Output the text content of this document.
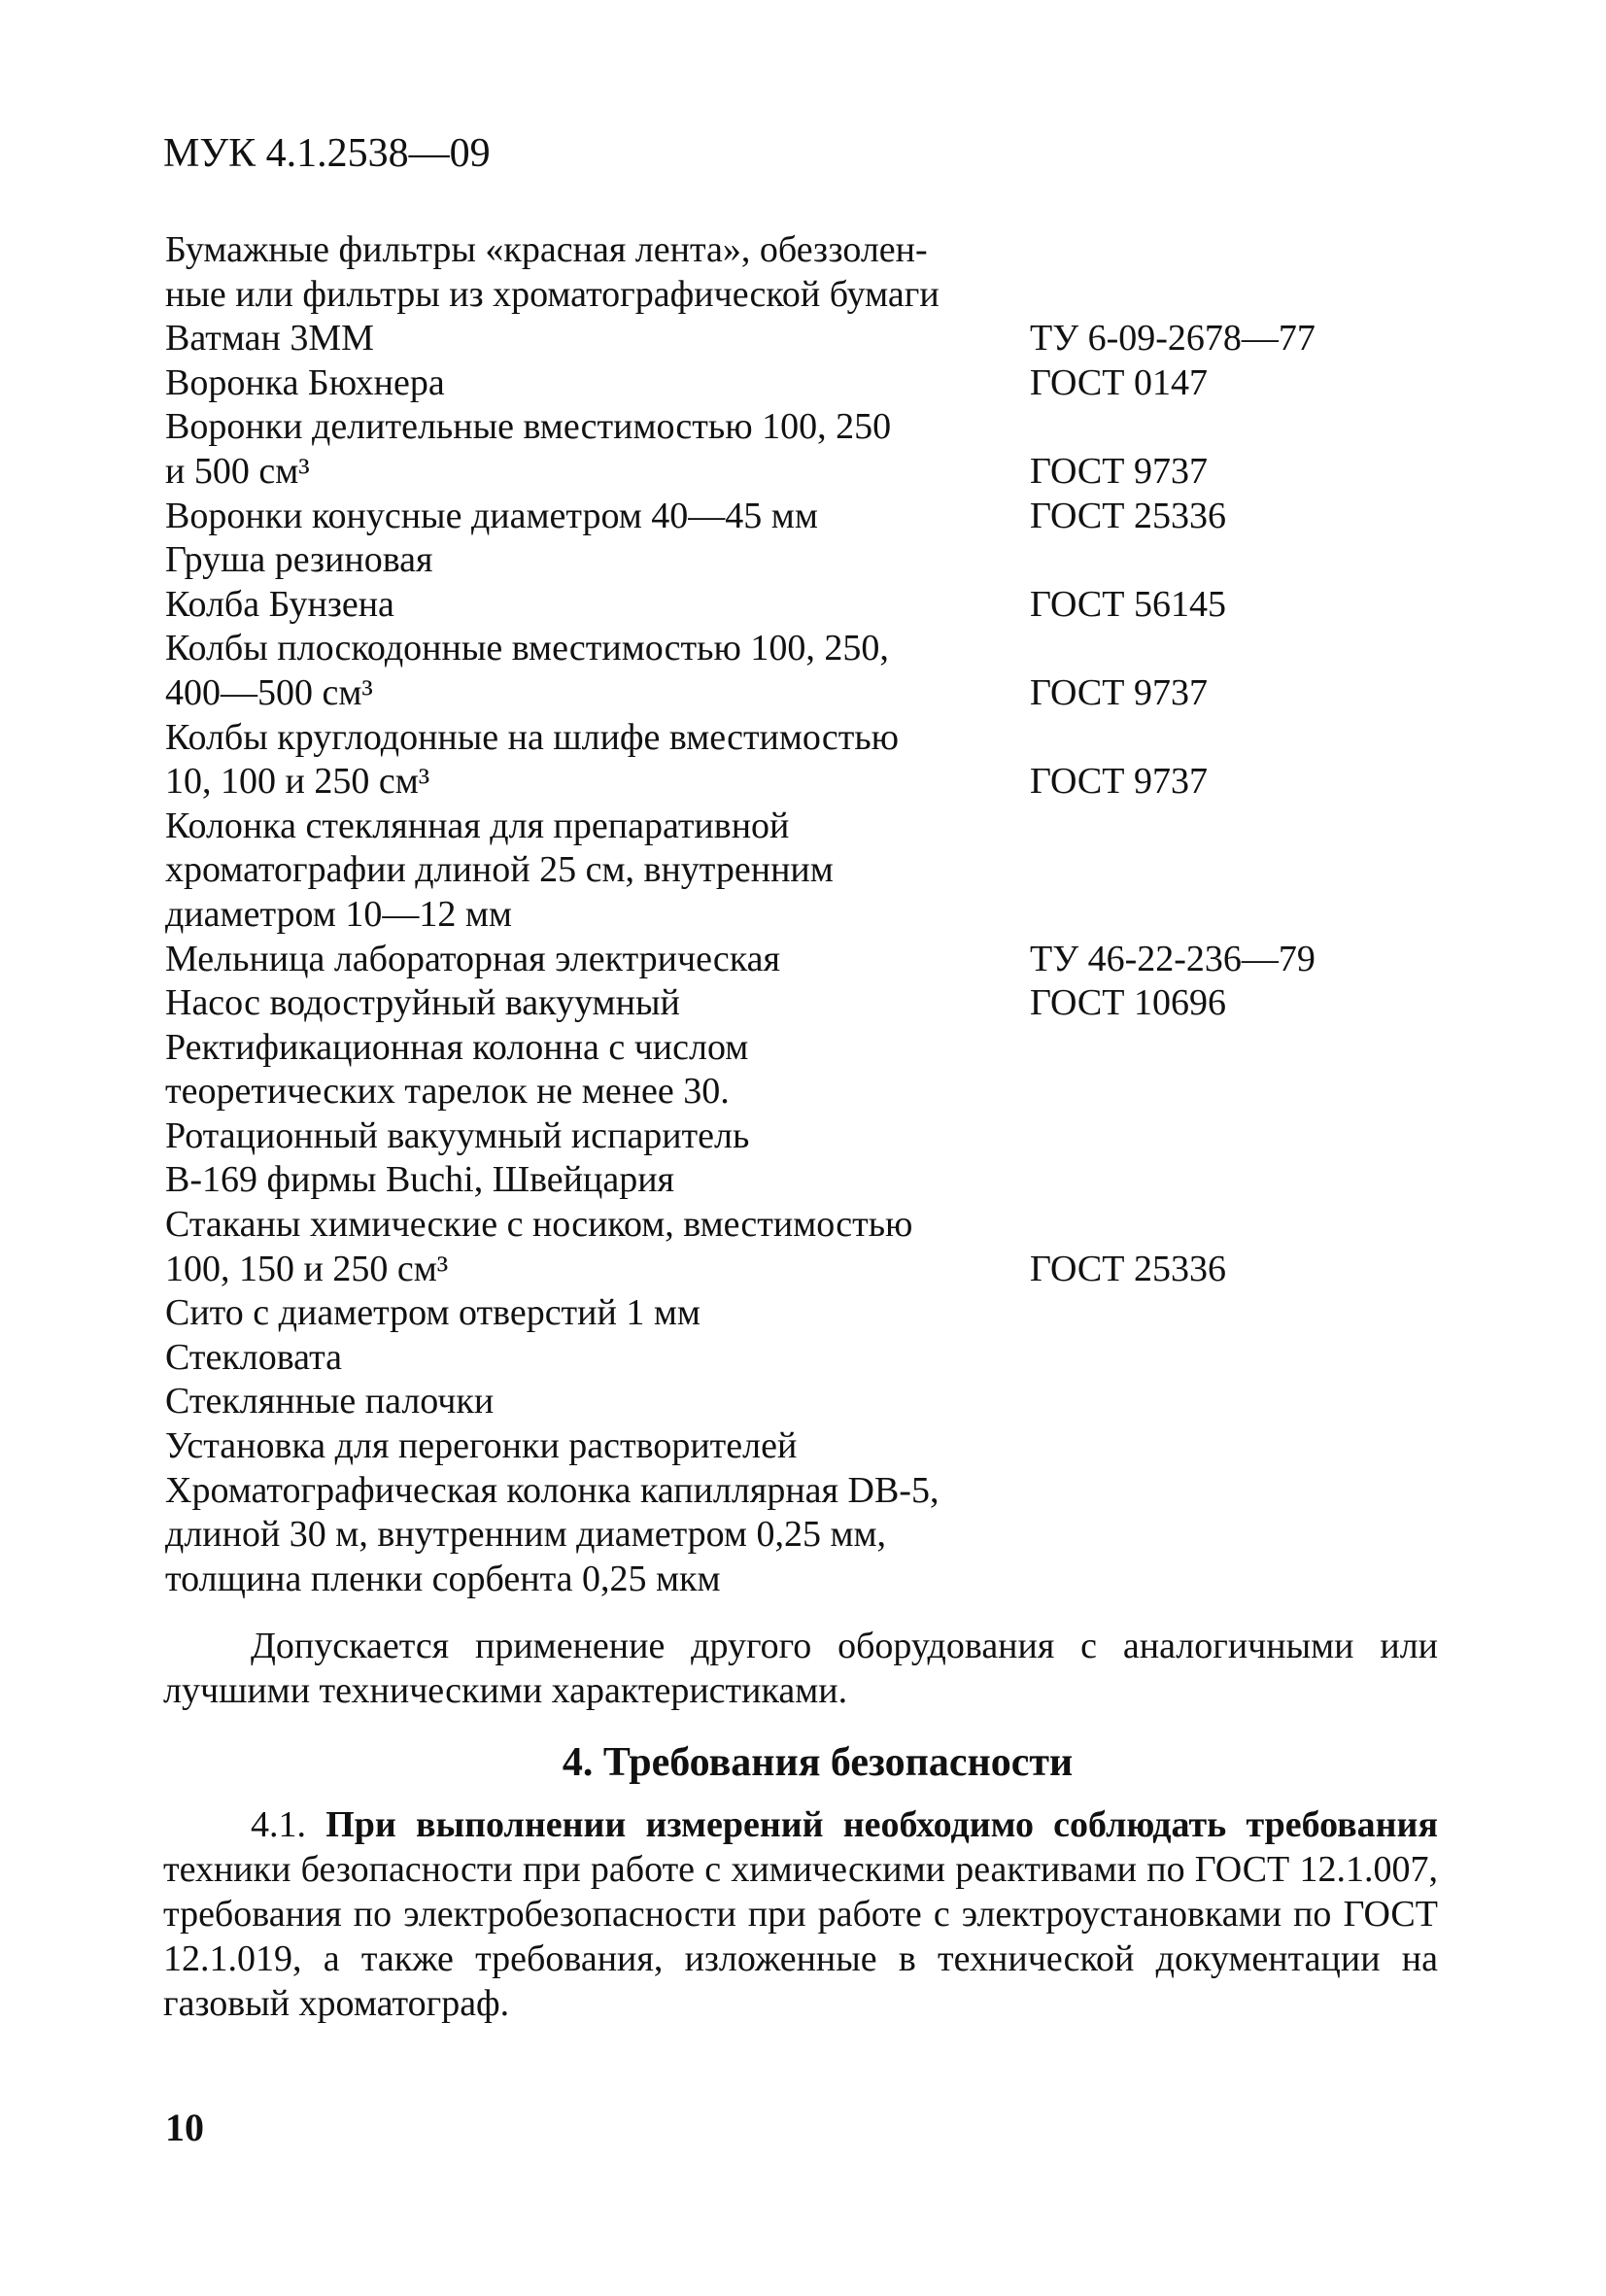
МУК 4.1.2538—09
Бумажные фильтры «красная лента», обеззолен-
ные или фильтры из хроматографической бумаги
Ватман 3ММ	ТУ 6-09-2678—77
Воронка Бюхнера	ГОСТ 0147
Воронки делительные вместимостью 100, 250
и 500 см³	ГОСТ 9737
Воронки конусные диаметром 40—45 мм	ГОСТ 25336
Груша резиновая
Колба Бунзена	ГОСТ 56145
Колбы плоскодонные вместимостью 100, 250,
400—500 см³	ГОСТ 9737
Колбы круглодонные на шлифе вместимостью
10, 100 и 250 см³	ГОСТ 9737
Колонка стеклянная для препаративной
хроматографии длиной 25 см, внутренним
диаметром 10—12 мм
Мельница лабораторная электрическая	ТУ 46-22-236—79
Насос водоструйный вакуумный	ГОСТ 10696
Ректификационная колонна с числом
теоретических тарелок не менее 30.
Ротационный вакуумный испаритель
В-169 фирмы Buchi, Швейцария
Стаканы химические с носиком, вместимостью
100, 150 и 250 см³	ГОСТ 25336
Сито с диаметром отверстий 1 мм
Стекловата
Стеклянные палочки
Установка для перегонки растворителей
Хроматографическая колонка капиллярная DB-5,
длиной 30 м, внутренним диаметром 0,25 мм,
толщина пленки сорбента 0,25 мкм

Допускается применение другого оборудования с аналогичными или лучшими техническими характеристиками.

4. Требования безопасности

4.1. При выполнении измерений необходимо соблюдать требования техники безопасности при работе с химическими реактивами по ГОСТ 12.1.007, требования по электробезопасности при работе с электроустановками по ГОСТ 12.1.019, а также требования, изложенные в технической документации на газовый хроматограф.

10
